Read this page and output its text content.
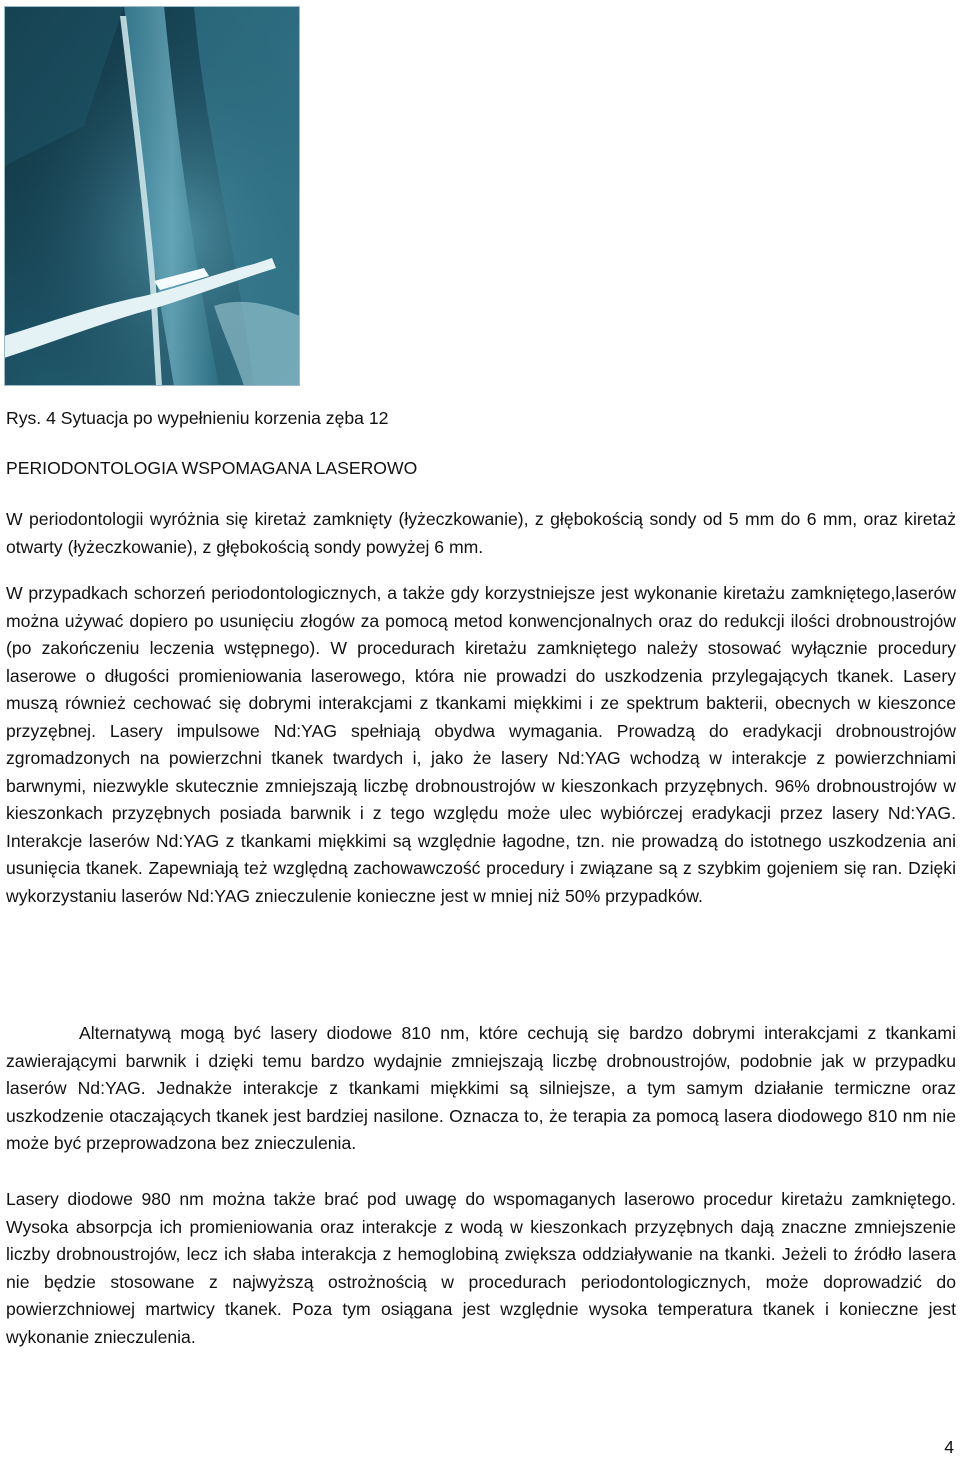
Rys. 4 Sytuacja po wypełnieniu korzenia zęba 12

PERIODONTOLOGIA WSPOMAGANA LASEROWO

W periodontologii wyróżnia się kiretaż zamknięty (łyżeczkowanie), z głębokością sondy od 5 mm do 6 mm, oraz kiretaż otwarty (łyżeczkowanie), z głębokością sondy powyżej 6 mm.

W przypadkach schorzeń periodontologicznych, a także gdy korzystniejsze jest wykonanie kiretażu zamkniętego,laserów można używać dopiero po usunięciu złogów za pomocą metod konwencjonalnych oraz do redukcji ilości drobnoustrojów (po zakończeniu leczenia wstępnego). W procedurach kiretażu zamkniętego należy stosować wyłącznie procedury laserowe o długości promieniowania laserowego, która nie prowadzi do uszkodzenia przylegających tkanek. Lasery muszą również cechować się dobrymi interakcjami z tkankami miękkimi i ze spektrum bakterii, obecnych w kieszonce przyzębnej. Lasery impulsowe Nd:YAG spełniają obydwa wymagania. Prowadzą do eradykacji drobnoustrojów zgromadzonych na powierzchni tkanek twardych i, jako że lasery Nd:YAG wchodzą w interakcje z powierzchniami barwnymi, niezwykle skutecznie zmniejszają liczbę drobnoustrojów w kieszonkach przyzębnych. 96% drobnoustrojów w kieszonkach przyzębnych posiada barwnik i z tego względu może ulec wybiórczej eradykacji przez lasery Nd:YAG. Interakcje laserów Nd:YAG z tkankami miękkimi są względnie łagodne, tzn. nie prowadzą do istotnego uszkodzenia ani usunięcia tkanek. Zapewniają też względną zachowawczość procedury i związane są z szybkim gojeniem się ran. Dzięki wykorzystaniu laserów Nd:YAG znieczulenie konieczne jest w mniej niż 50% przypadków.

Alternatywą mogą być lasery diodowe 810 nm, które cechują się bardzo dobrymi interakcjami z tkankami zawierającymi barwnik i dzięki temu bardzo wydajnie zmniejszają liczbę drobnoustrojów, podobnie jak w przypadku laserów Nd:YAG. Jednakże interakcje z tkankami miękkimi są silniejsze, a tym samym działanie termiczne oraz uszkodzenie otaczających tkanek jest bardziej nasilone. Oznacza to, że terapia za pomocą lasera diodowego 810 nm nie może być przeprowadzona bez znieczulenia.

Lasery diodowe 980 nm można także brać pod uwagę do wspomaganych laserowo procedur kiretażu zamkniętego. Wysoka absorpcja ich promieniowania oraz interakcje z wodą w kieszonkach przyzębnych dają znaczne zmniejszenie liczby drobnoustrojów, lecz ich słaba interakcja z hemoglobiną zwiększa oddziaływanie na tkanki. Jeżeli to źródło lasera nie będzie stosowane z najwyższą ostrożnością w procedurach periodontologicznych, może doprowadzić do powierzchniowej martwicy tkanek. Poza tym osiągana jest względnie wysoka temperatura tkanek i konieczne jest wykonanie znieczulenia.

4
